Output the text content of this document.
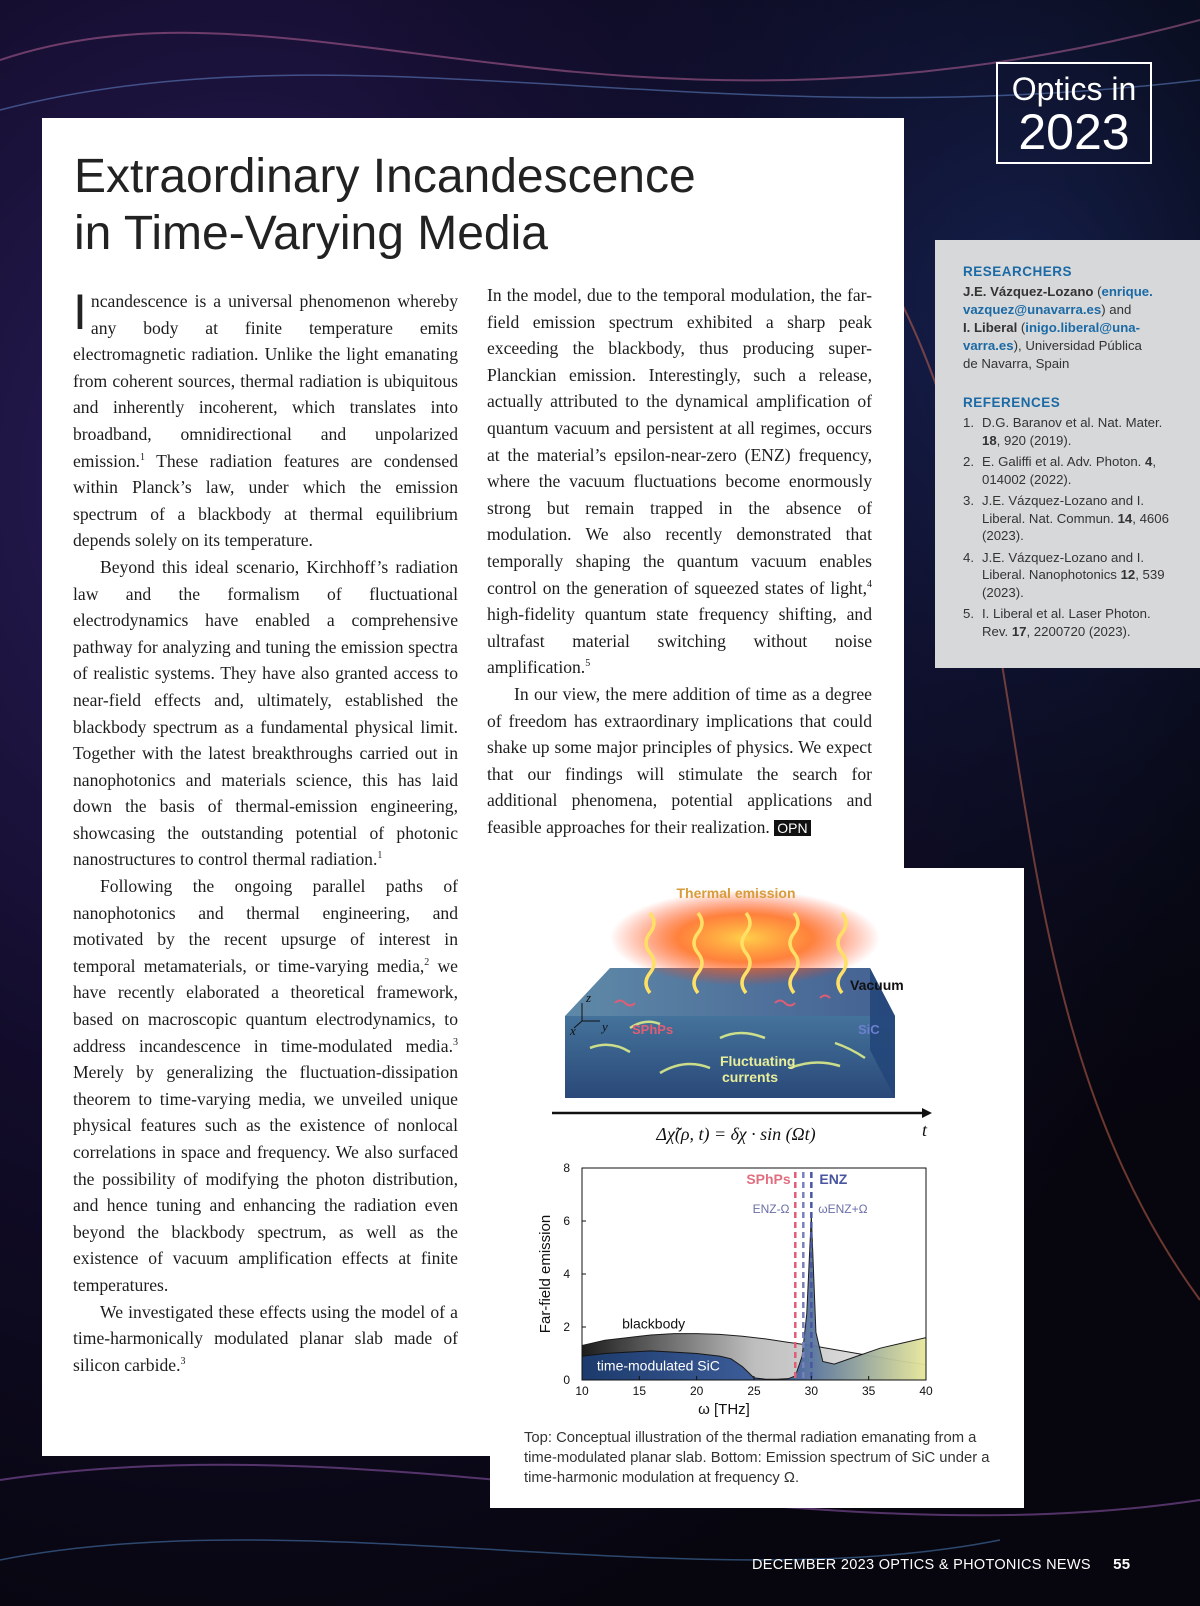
Optics in
2023
Extraordinary Incandescence
in Time-Varying Media

Incandescence is a universal phenomenon whereby any body at finite temperature emits electromagnetic radiation. Unlike the light emanating from coherent sources, thermal radiation is ubiquitous and inherently incoherent, which translates into broadband, omnidirectional and unpolarized emission.$^1$ These radiation features are condensed within Planck’s law, under which the emission spectrum of a blackbody at thermal equilibrium depends solely on its temperature.

Beyond this ideal scenario, Kirchhoff’s radiation law and the formalism of fluctuational electrodynamics have enabled a comprehensive pathway for analyzing and tuning the emission spectra of realistic systems. They have also granted access to near-field effects and, ultimately, established the blackbody spectrum as a fundamental physical limit. Together with the latest breakthroughs carried out in nanophotonics and materials science, this has laid down the basis of thermal-emission engineering, showcasing the outstanding potential of photonic nanostructures to control thermal radiation.$^1$

Following the ongoing parallel paths of nanophotonics and thermal engineering, and motivated by the recent upsurge of interest in temporal metamaterials, or time-varying media,$^2$ we have recently elaborated a theoretical framework, based on macroscopic quantum electrodynamics, to address incandescence in time-modulated media.$^3$ Merely by generalizing the fluctuation-dissipation theorem to time-varying media, we unveiled unique physical features such as the existence of nonlocal correlations in space and frequency. We also surfaced the possibility of modifying the photon distribution, and hence tuning and enhancing the radiation even beyond the blackbody spectrum, as well as the existence of vacuum amplification effects at finite temperatures.

We investigated these effects using the model of a time-harmonically modulated planar slab made of silicon carbide.$^3$

In the model, due to the temporal modulation, the far-field emission spectrum exhibited a sharp peak exceeding the blackbody, thus producing super-Planckian emission. Interestingly, such a release, actually attributed to the dynamical amplification of quantum vacuum and persistent at all regimes, occurs at the material’s epsilon-near-zero (ENZ) frequency, where the vacuum fluctuations become enormously strong but remain trapped in the absence of modulation. We also recently demonstrated that temporally shaping the quantum vacuum enables control on the generation of squeezed states of light,$^4$ high-fidelity quantum state frequency shifting, and ultrafast material switching without noise amplification.$^5$

In our view, the mere addition of time as a degree of freedom has extraordinary implications that could shake up some major principles of physics. We expect that our findings will stimulate the search for additional phenomena, potential applications and feasible approaches for their realization. OPN

RESEARCHERS
J.E. Vázquez-Lozano (enrique.
vazquez@unavarra.es) and
I. Liberal (inigo.liberal@una-
varra.es), Universidad Pública
de Navarra, Spain
REFERENCES
1. D.G. Baranov et al. Nat. Mater. 18, 920 (2019).
2. E. Galiffi et al. Adv. Photon. 4, 014002 (2022).
3. J.E. Vázquez-Lozano and I. Liberal. Nat. Commun. 14, 4606 (2023).
4. J.E. Vázquez-Lozano and I. Liberal. Nanophotonics 12, 539 (2023).
5. I. Liberal et al. Laser Photon. Rev. 17, 2200720 (2023).
Thermal emission
Vacuum
SPhPs	SiC
Fluctuating
currents
z
x y
t
Δχ̃(ρ, t) = δχ · sin (Ωt)
10	15	20	25	30	35	40
0
2
4
6
8
ω [THz]
Far-field emission	blackbody
time-modulated SiC
SPhPs ENZ
ENZ-Ω ωENZ+Ω
Top: Conceptual illustration of the thermal radiation emanating from a time-modulated planar slab. Bottom: Emission spectrum of SiC under a time-harmonic modulation at frequency Ω.
DECEMBER 2023 OPTICS & PHOTONICS NEWS 55
